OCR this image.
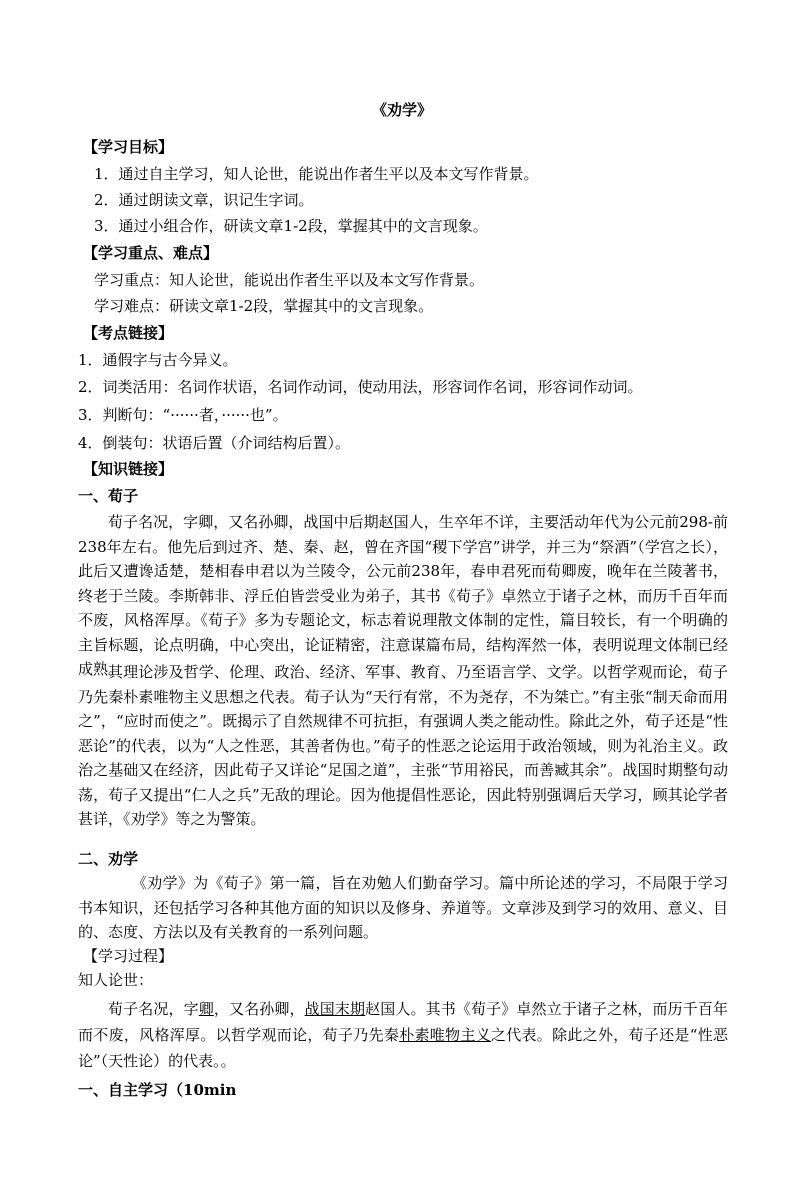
《劝学》
【学习目标】
1．通过自主学习，知人论世，能说出作者生平以及本文写作背景。
2．通过朗读文章，识记生字词。
3．通过小组合作，研读文章1-2段，掌握其中的文言现象。
【学习重点、难点】
学习重点：知人论世，能说出作者生平以及本文写作背景。
学习难点：研读文章1-2段，掌握其中的文言现象。
【考点链接】
1．通假字与古今异义。
2．词类活用：名词作状语，名词作动词，使动用法，形容词作名词，形容词作动词。
3．判断句：“······者，······也”。
4．倒装句：状语后置（介词结构后置）。
【知识链接】
一、荀子
荀子名况，字卿，又名孙卿，战国中后期赵国人，生卒年不详，主要活动年代为公元前298-前238年左右。他先后到过齐、楚、秦、赵，曾在齐国“稷下学宫”讲学，并三为“祭酒”（学宫之长），此后又遭谗适楚，楚相春申君以为兰陵令，公元前238年，春申君死而荀卿废，晚年在兰陵著书，终老于兰陵。李斯韩非、浮丘伯皆尝受业为弟子，其书《荀子》卓然立于诸子之林，而历千百年而不废，风格浑厚。《荀子》多为专题论文，标志着说理散文体制的定性，篇目较长，有一个明确的主旨标题，论点明确，中心突出，论证精密，注意谋篇布局，结构浑然一体，表明说理文体制已经成熟。
其理论涉及哲学、伦理、政治、经济、军事、教育、乃至语言学、文学。以哲学观而论，荀子乃先秦朴素唯物主义思想之代表。荀子认为“天行有常，不为尧存，不为桀亡。”有主张“制天命而用之”，“应时而使之”。既揭示了自然规律不可抗拒，有强调人类之能动性。除此之外，荀子还是“性恶论”的代表，以为“人之性恶，其善者伪也。”荀子的性恶之论运用于政治领域，则为礼治主义。政治之基础又在经济，因此荀子又详论“足国之道”，主张“节用裕民，而善臧其余”。战国时期整句动荡，荀子又提出“仁人之兵”无敌的理论。因为他提倡性恶论，因此特别强调后天学习，顾其论学者甚详，《劝学》等之为警策。
二、劝学
《劝学》为《荀子》第一篇，旨在劝勉人们勤奋学习。篇中所论述的学习，不局限于学习书本知识，还包括学习各种其他方面的知识以及修身、养道等。文章涉及到学习的效用、意义、目的、态度、方法以及有关教育的一系列问题。
【学习过程】
知人论世：
荀子名况，字卿，又名孙卿，战国末期赵国人。其书《荀子》卓然立于诸子之林，而历千百年而不废，风格浑厚。以哲学观而论，荀子乃先秦朴素唯物主义之代表。除此之外，荀子还是“性恶论”（天性论）的代表。。
一、自主学习（10min
